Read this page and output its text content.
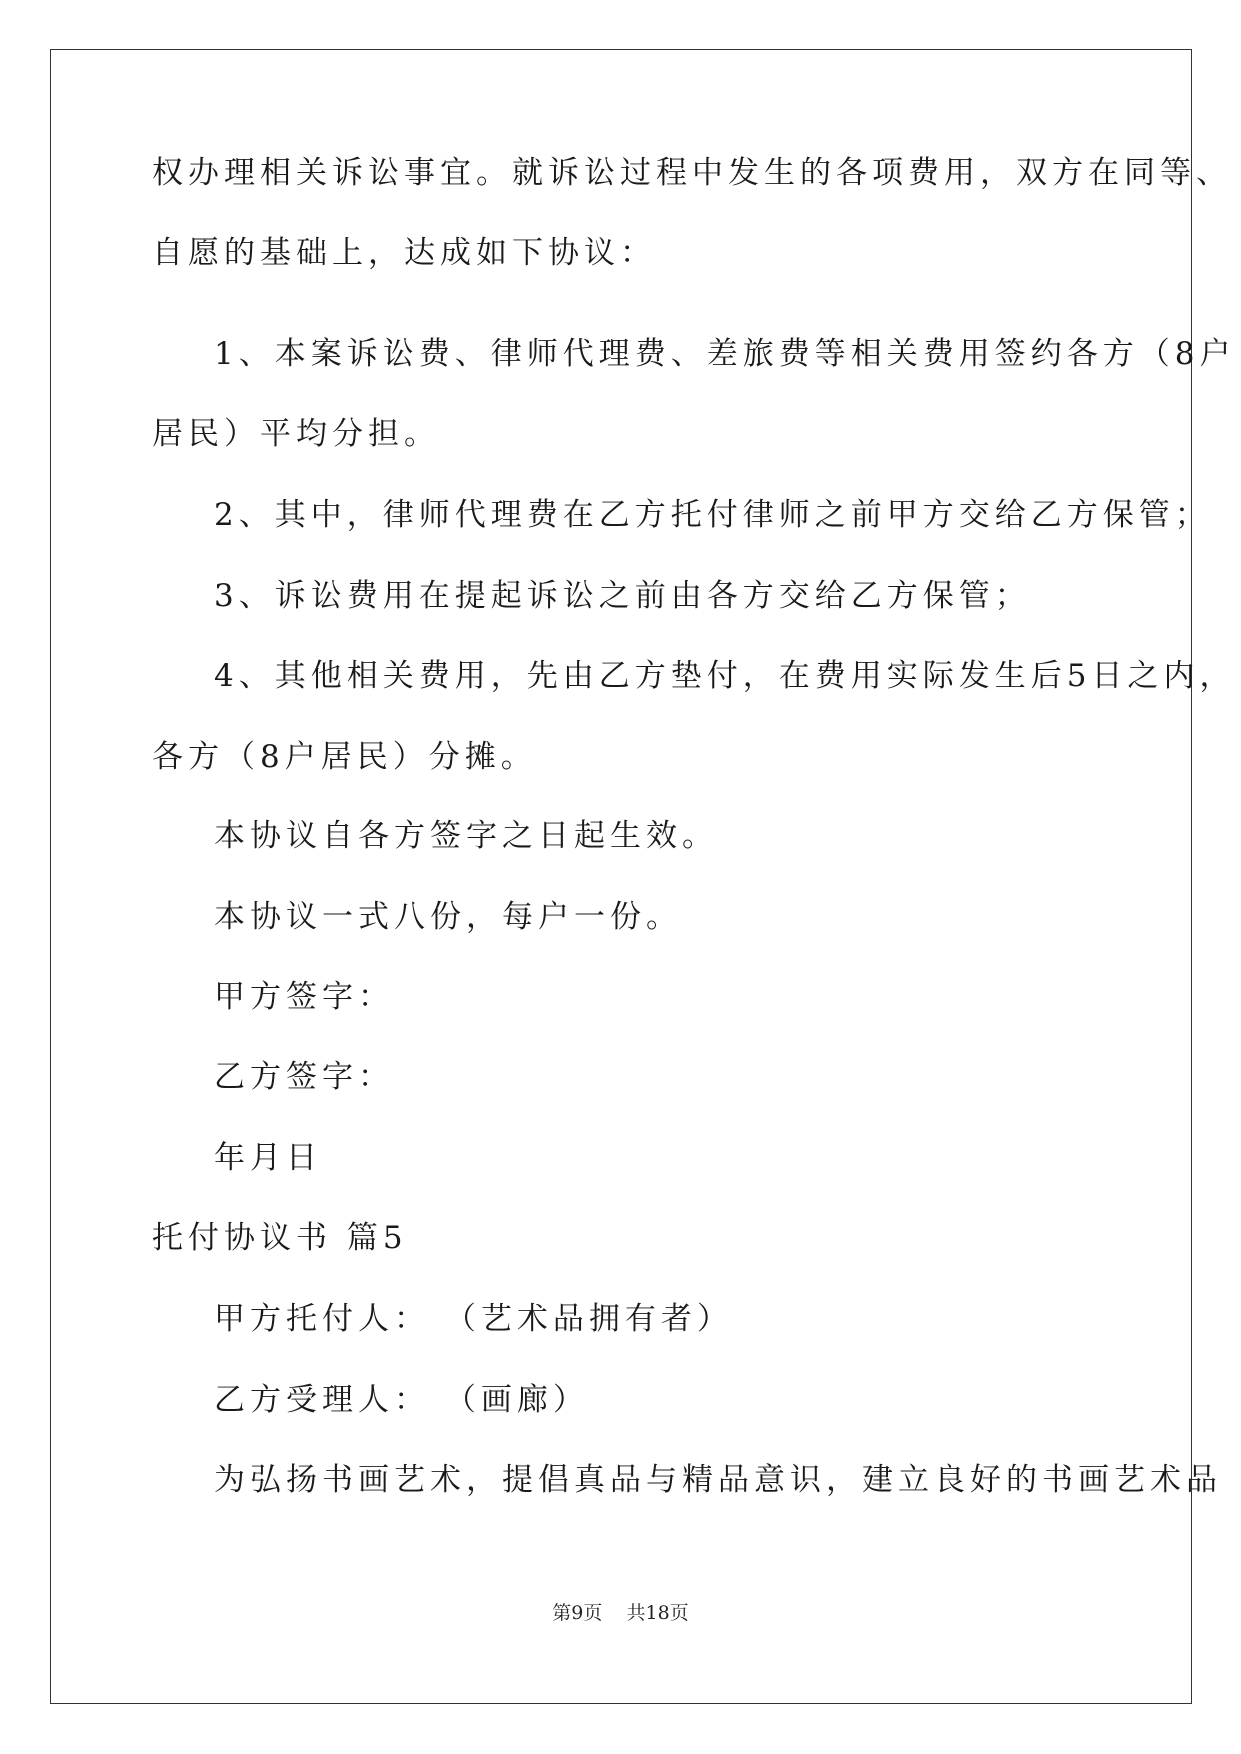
权办理相关诉讼事宜。就诉讼过程中发生的各项费用，双方在同等、
自愿的基础上，达成如下协议：
1、本案诉讼费、律师代理费、差旅费等相关费用签约各方（8户
居民）平均分担。
2、其中，律师代理费在乙方托付律师之前甲方交给乙方保管；
3、诉讼费用在提起诉讼之前由各方交给乙方保管；
4、其他相关费用，先由乙方垫付，在费用实际发生后5日之内，
各方（8户居民）分摊。
本协议自各方签字之日起生效。
本协议一式八份，每户一份。
甲方签字：
乙方签字：
年月日
托付协议书 篇5
甲方托付人： （艺术品拥有者）
乙方受理人： （画廊）
为弘扬书画艺术，提倡真品与精品意识，建立良好的书画艺术品
第9页 共18页
